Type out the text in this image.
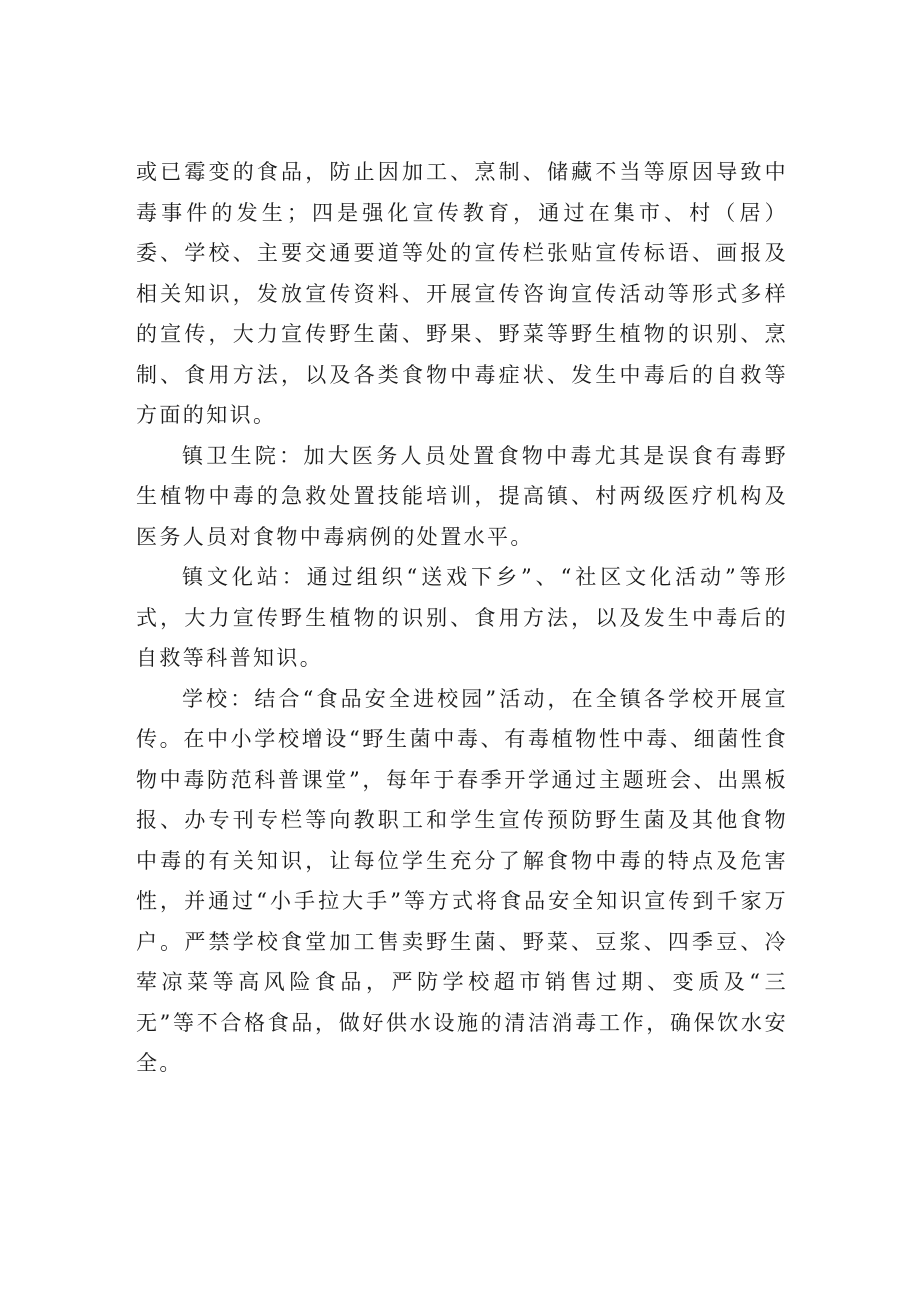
或已霉变的食品，防止因加工、烹制、储藏不当等原因导致中毒事件的发生；四是强化宣传教育，通过在集市、村（居）委、学校、主要交通要道等处的宣传栏张贴宣传标语、画报及相关知识，发放宣传资料、开展宣传咨询宣传活动等形式多样的宣传，大力宣传野生菌、野果、野菜等野生植物的识别、烹制、食用方法，以及各类食物中毒症状、发生中毒后的自救等方面的知识。

镇卫生院：加大医务人员处置食物中毒尤其是误食有毒野生植物中毒的急救处置技能培训，提高镇、村两级医疗机构及医务人员对食物中毒病例的处置水平。

镇文化站：通过组织“送戏下乡”、“社区文化活动”等形式，大力宣传野生植物的识别、食用方法，以及发生中毒后的自救等科普知识。

学校：结合“食品安全进校园”活动，在全镇各学校开展宣传。在中小学校增设“野生菌中毒、有毒植物性中毒、细菌性食物中毒防范科普课堂”，每年于春季开学通过主题班会、出黑板报、办专刊专栏等向教职工和学生宣传预防野生菌及其他食物中毒的有关知识，让每位学生充分了解食物中毒的特点及危害性，并通过“小手拉大手”等方式将食品安全知识宣传到千家万户。严禁学校食堂加工售卖野生菌、野菜、豆浆、四季豆、冷荤凉菜等高风险食品，严防学校超市销售过期、变质及“三无”等不合格食品，做好供水设施的清洁消毒工作，确保饮水安全。
